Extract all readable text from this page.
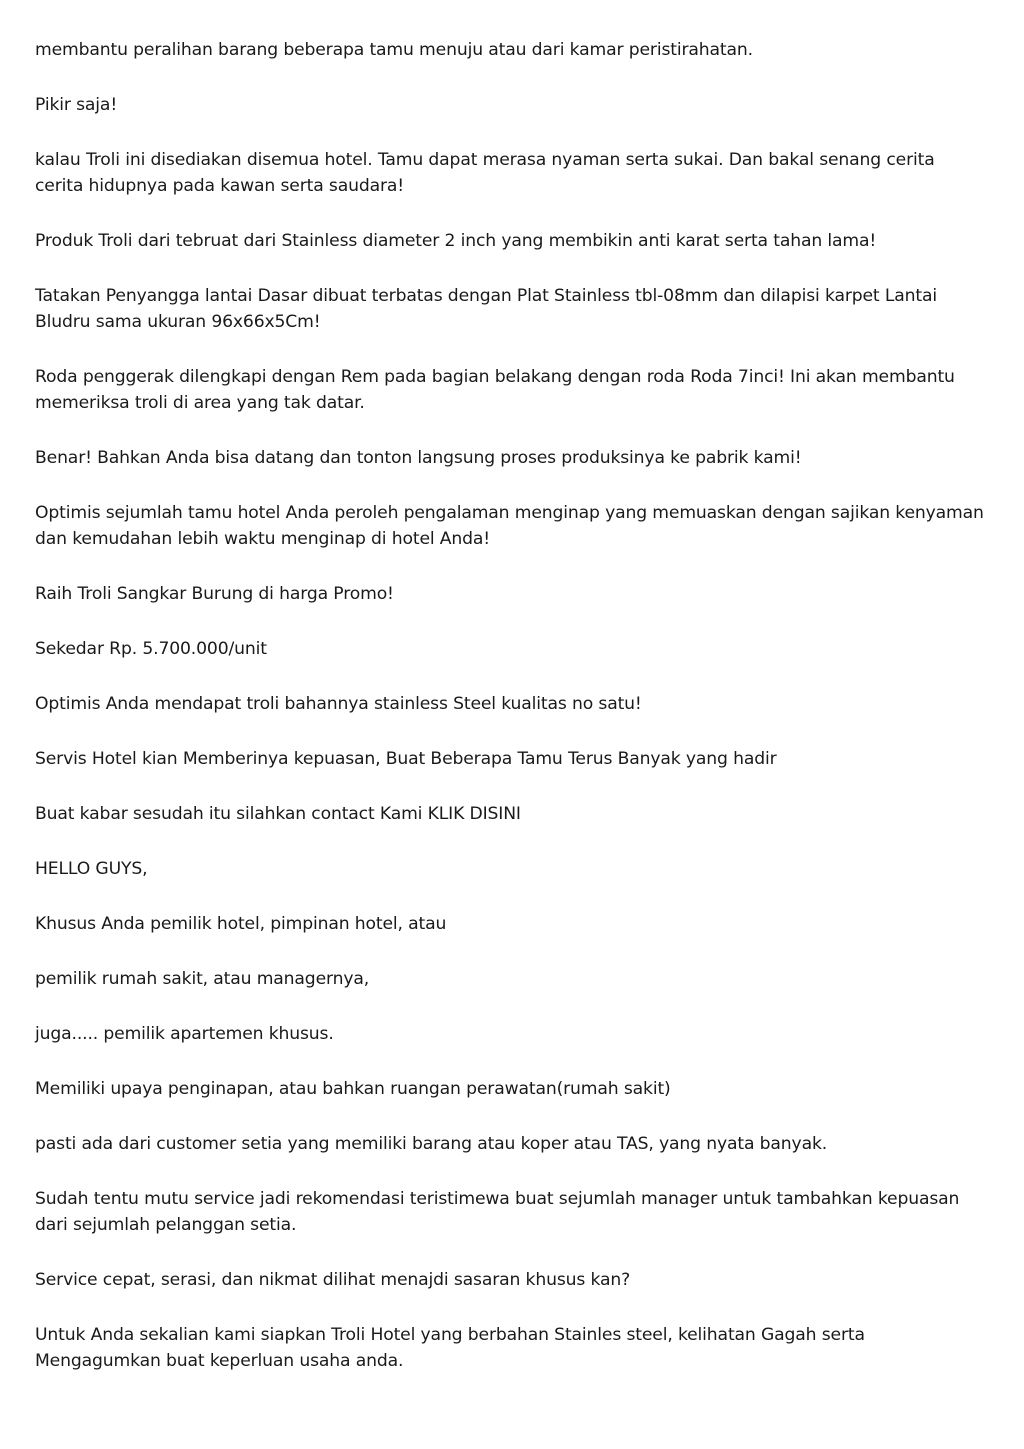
membantu peralihan barang beberapa tamu menuju atau dari kamar peristirahatan.

Pikir saja!

kalau Troli ini disediakan disemua hotel. Tamu dapat merasa nyaman serta sukai. Dan bakal senang cerita cerita hidupnya pada kawan serta saudara!

Produk Troli dari tebruat dari Stainless diameter 2 inch yang membikin anti karat serta tahan lama!

Tatakan Penyangga lantai Dasar dibuat terbatas dengan Plat Stainless tbl-08mm dan dilapisi karpet Lantai Bludru sama ukuran 96x66x5Cm!

Roda penggerak dilengkapi dengan Rem pada bagian belakang dengan roda Roda 7inci! Ini akan membantu memeriksa troli di area yang tak datar.

Benar! Bahkan Anda bisa datang dan tonton langsung proses produksinya ke pabrik kami!

Optimis sejumlah tamu hotel Anda peroleh pengalaman menginap yang memuaskan dengan sajikan kenyaman dan kemudahan lebih waktu menginap di hotel Anda!

Raih Troli Sangkar Burung di harga Promo!

Sekedar Rp. 5.700.000/unit

Optimis Anda mendapat troli bahannya stainless Steel kualitas no satu!

Servis Hotel kian Memberinya kepuasan, Buat Beberapa Tamu Terus Banyak yang hadir

Buat kabar sesudah itu silahkan contact Kami KLIK DISINI

HELLO GUYS,

Khusus Anda pemilik hotel, pimpinan hotel, atau

pemilik rumah sakit, atau managernya,

juga..... pemilik apartemen khusus.

Memiliki upaya penginapan, atau bahkan ruangan perawatan(rumah sakit)

pasti ada dari customer setia yang memiliki barang atau koper atau TAS, yang nyata banyak.

Sudah tentu mutu service jadi rekomendasi teristimewa buat sejumlah manager untuk tambahkan kepuasan dari sejumlah pelanggan setia.

Service cepat, serasi, dan nikmat dilihat menajdi sasaran khusus kan?

Untuk Anda sekalian kami siapkan Troli Hotel yang berbahan Stainles steel, kelihatan Gagah serta Mengagumkan buat keperluan usaha anda.
